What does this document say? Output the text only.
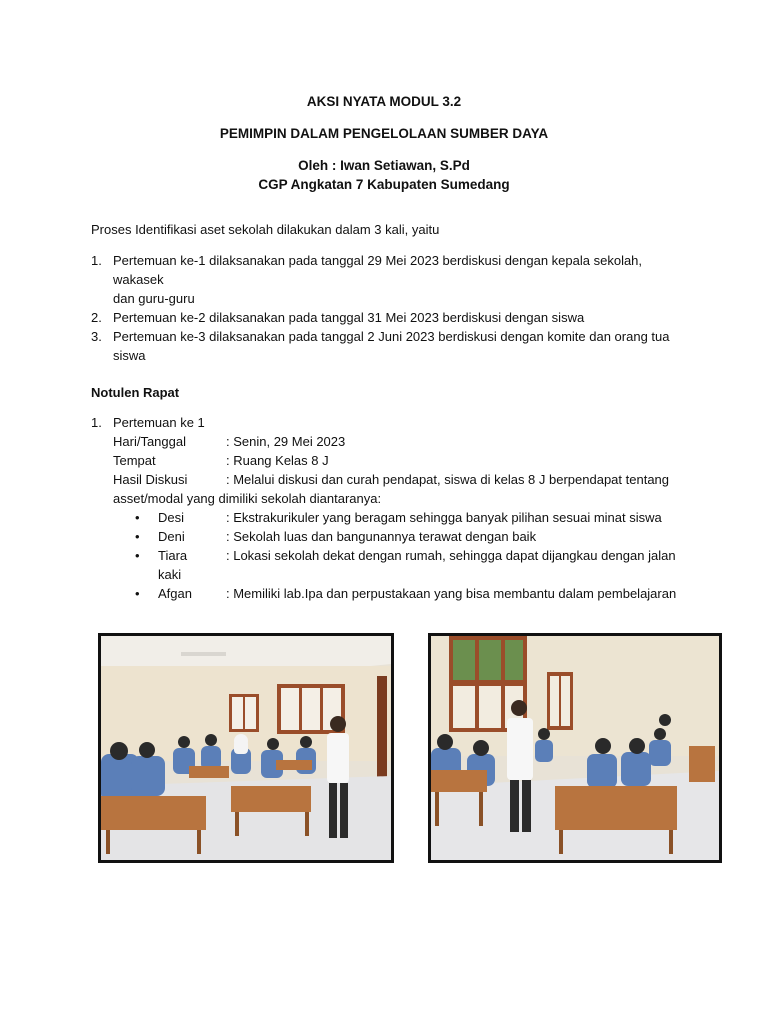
AKSI NYATA MODUL 3.2
PEMIMPIN DALAM PENGELOLAAN SUMBER DAYA
Oleh : Iwan Setiawan, S.Pd
CGP Angkatan 7 Kabupaten Sumedang
Proses Identifikasi aset sekolah dilakukan dalam 3 kali, yaitu
1. Pertemuan ke-1 dilaksanakan pada tanggal 29 Mei 2023 berdiskusi dengan kepala sekolah, wakasek
dan guru-guru
2. Pertemuan ke-2 dilaksanakan pada tanggal 31 Mei 2023 berdiskusi dengan siswa
3. Pertemuan ke-3 dilaksanakan pada tanggal 2 Juni 2023 berdiskusi dengan komite dan orang tua
siswa
Notulen Rapat
1. Pertemuan ke 1
Hari/Tanggal	: Senin, 29 Mei 2023
Tempat	: Ruang Kelas 8 J
Hasil Diskusi	: Melalui diskusi dan curah pendapat, siswa di kelas 8 J berpendapat tentang
asset/modal yang dimiliki sekolah diantaranya:
• Desi	: Ekstrakurikuler yang beragam sehingga banyak pilihan sesuai minat siswa
• Deni	: Sekolah luas dan bangunannya terawat dengan baik
• Tiara	: Lokasi sekolah dekat dengan rumah, sehingga dapat dijangkau dengan jalan
kaki
• Afgan	: Memiliki lab.Ipa dan perpustakaan yang bisa membantu dalam pembelajaran
